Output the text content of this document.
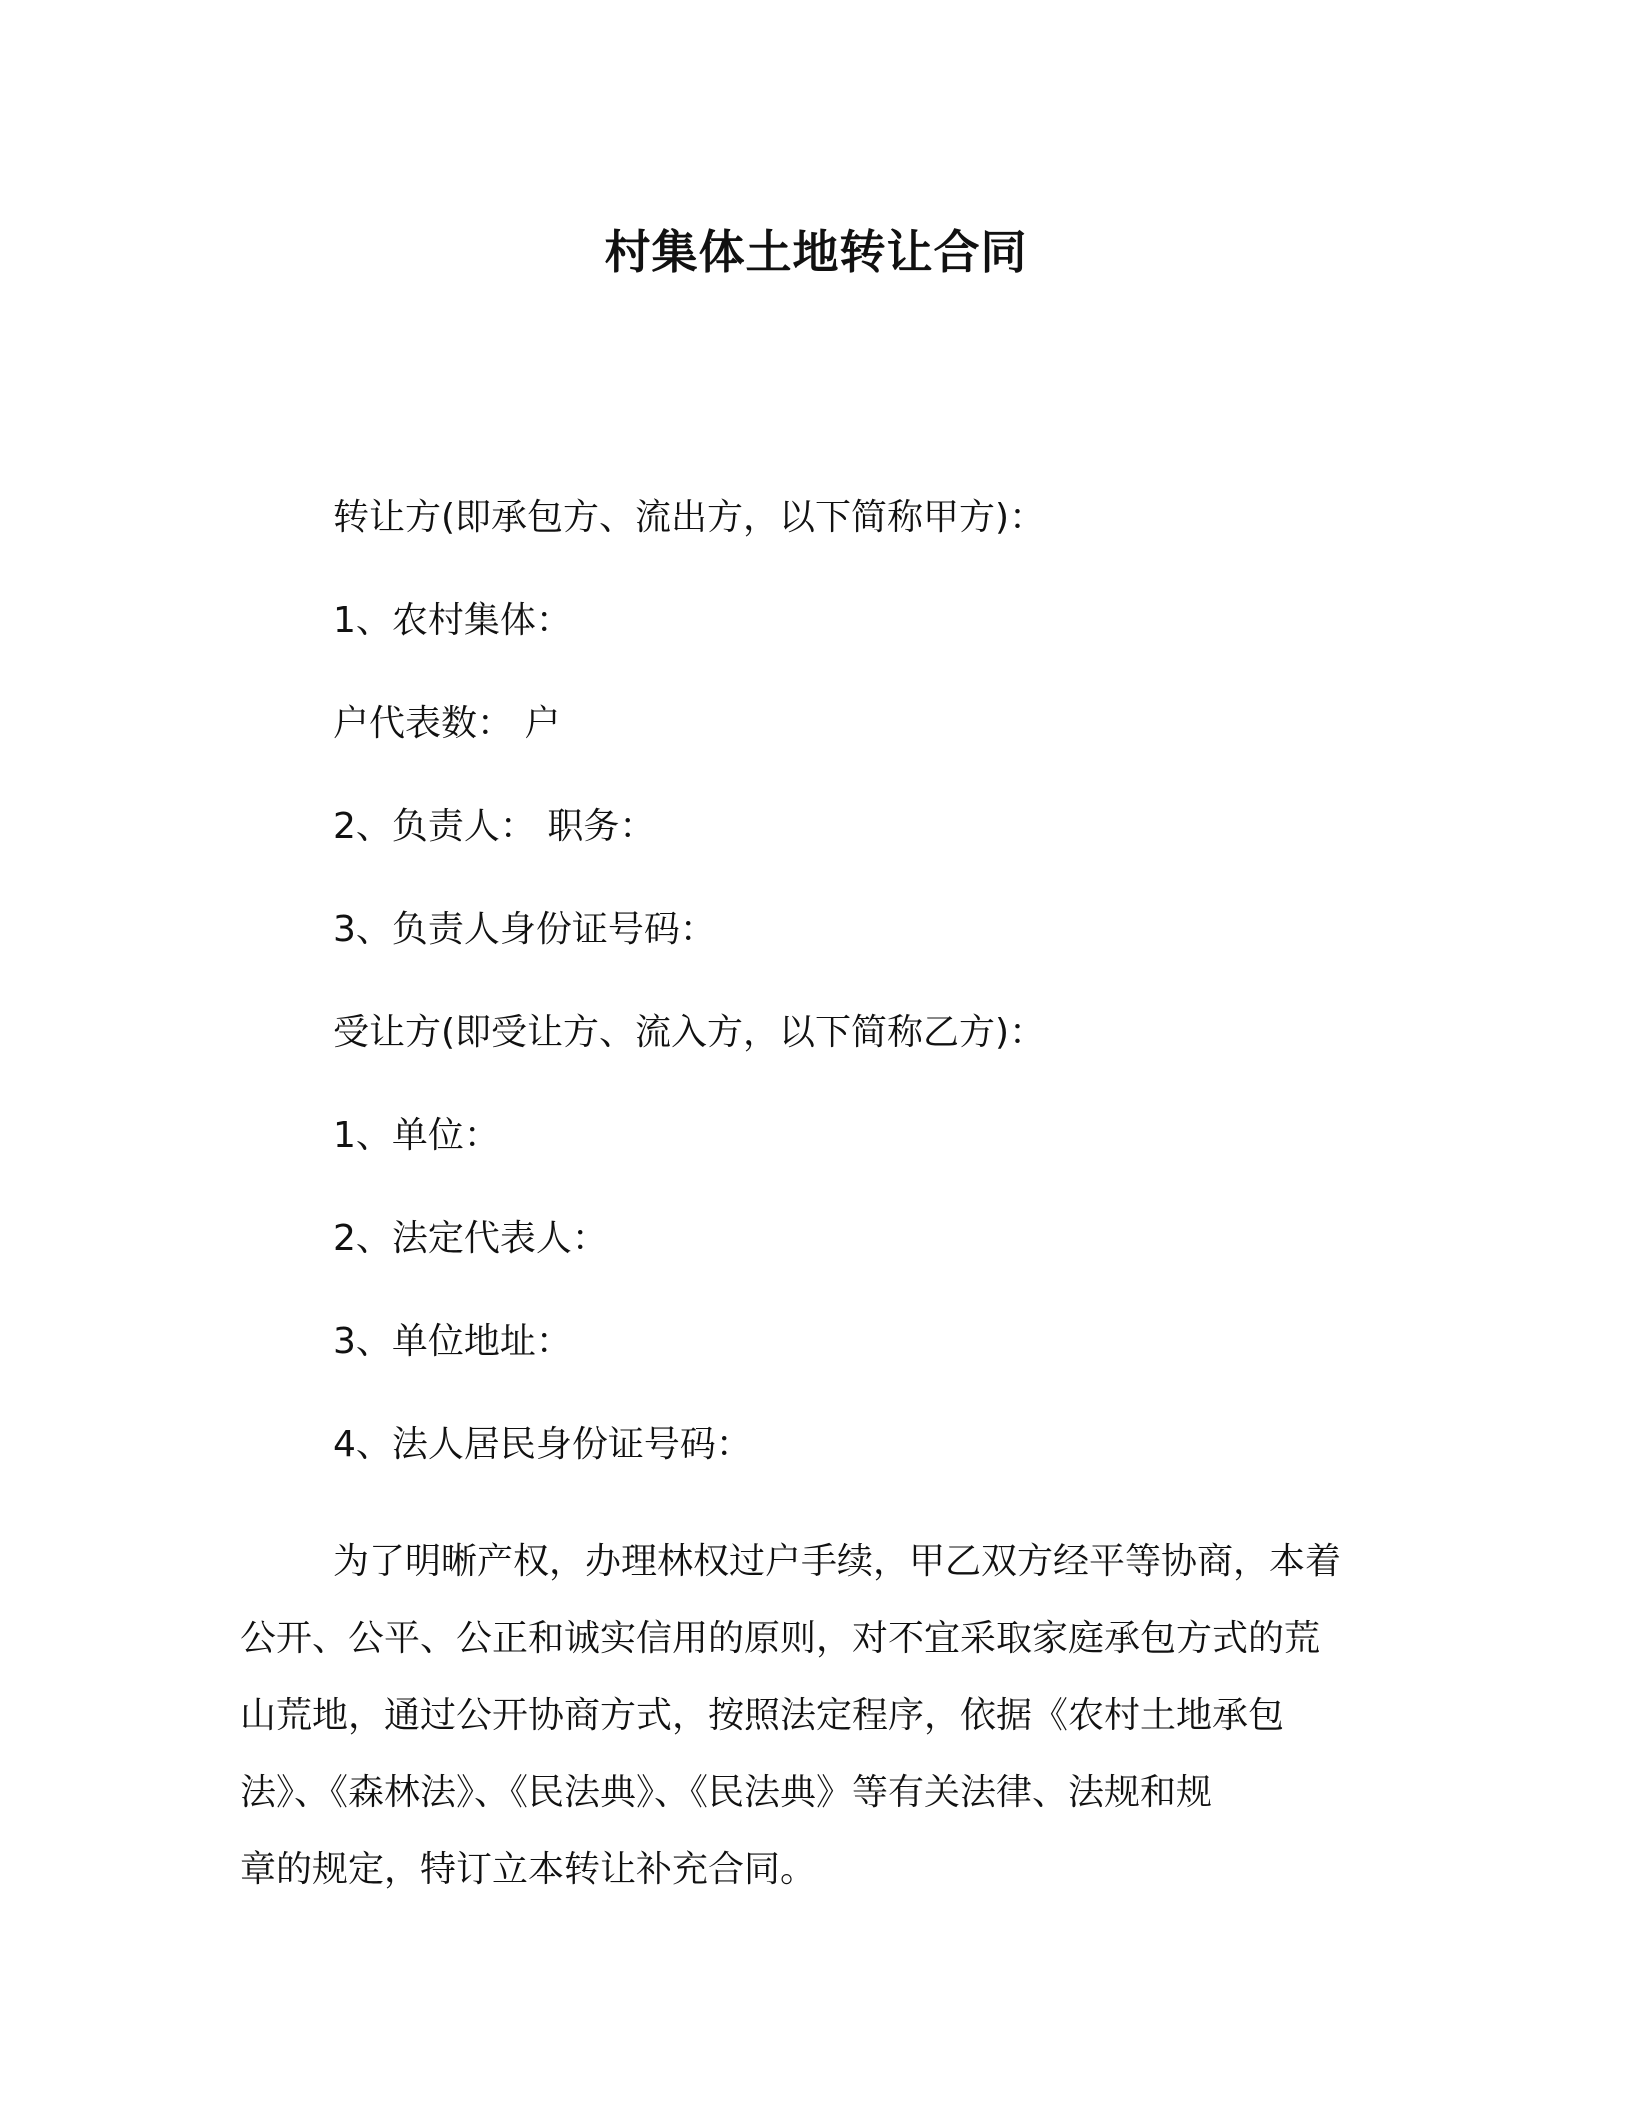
村集体土地转让合同

转让方(即承包方、流出方，以下简称甲方)：

1、农村集体：

户代表数： 户

2、负责人： 职务：

3、负责人身份证号码：

受让方(即受让方、流入方，以下简称乙方)：

1、单位：

2、法定代表人：

3、单位地址：

4、法人居民身份证号码：

为了明晰产权，办理林权过户手续，甲乙双方经平等协商，本着
公开、公平、公正和诚实信用的原则，对不宜采取家庭承包方式的荒
山荒地，通过公开协商方式，按照法定程序，依据《农村土地承包
法》、《森林法》、《民法典》、《民法典》等有关法律、法规和规
章的规定，特订立本转让补充合同。
